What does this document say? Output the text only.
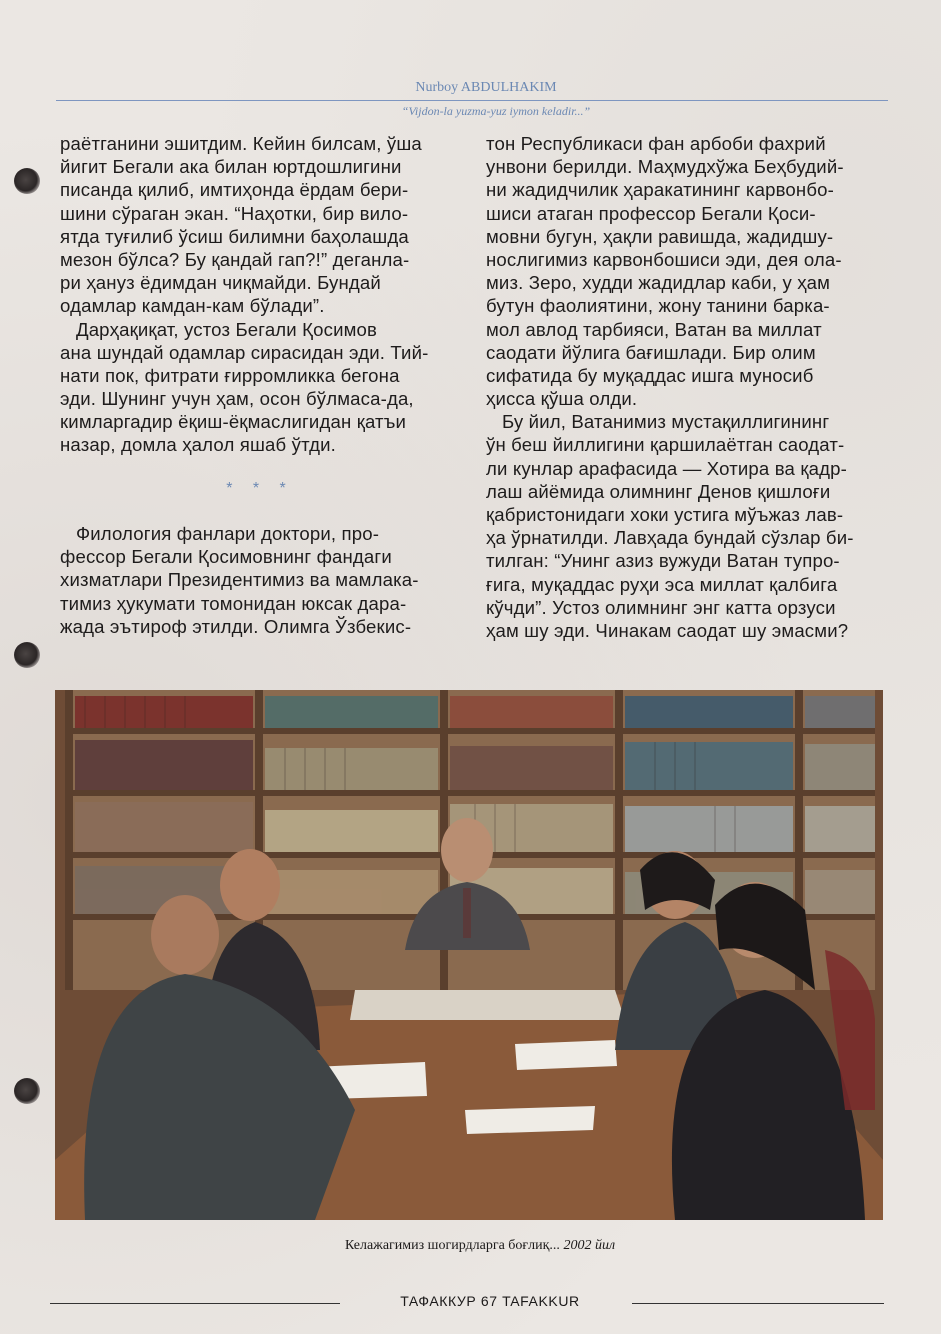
Nurboy ABDULHAKIM
“Vijdon-la yuzma-yuz iymon keladir...”
раётганини эшитдим. Кейин билсам, ўша
йигит Бегали ака билан юртдошлигини
писанда қилиб, имтиҳонда ёрдам бери-
шини сўраган экан. “Наҳотки, бир вило-
ятда туғилиб ўсиш билимни баҳолашда
мезон бўлса? Бу қандай гап?!” деганла-
ри ҳануз ёдимдан чиқмайди. Бундай
одамлар камдан-кам бўлади”.
Дарҳақиқат, устоз Бегали Қосимов
ана шундай одамлар сирасидан эди. Тий-
нати пок, фитрати ғирромликка бегона
эди. Шунинг учун ҳам, осон бўлмаса-да,
кимларгадир ёқиш-ёқмаслигидан қатъи
назар, домла ҳалол яшаб ўтди.
* * *
Филология фанлари доктори, про-
фессор Бегали Қосимовнинг фандаги
хизматлари Президентимиз ва мамлака-
тимиз ҳукумати томонидан юксак дара-
жада эътироф этилди. Олимга Ўзбекис-
тон Республикаси фан арбоби фахрий
унвони берилди. Маҳмудхўжа Беҳбудий-
ни жадидчилик ҳаракатининг карвонбо-
шиси атаган профессор Бегали Қоси-
мовни бугун, ҳақли равишда, жадидшу-
нослигимиз карвонбошиси эди, дея ола-
миз. Зеро, худди жадидлар каби, у ҳам
бутун фаолиятини, жону танини барка-
мол авлод тарбияси, Ватан ва миллат
саодати йўлига бағишлади. Бир олим
сифатида бу муқаддас ишга муносиб
ҳисса қўша олди.
Бу йил, Ватанимиз мустақиллигининг
ўн беш йиллигини қаршилаётган саодат-
ли кунлар арафасида — Хотира ва қадр-
лаш айёмида олимнинг Денов қишлоғи
қабристонидаги хоки устига мўъжаз лав-
ҳа ўрнатилди. Лавҳада бундай сўзлар би-
тилган: “Унинг азиз вужуди Ватан тупро-
ғига, муқаддас руҳи эса миллат қалбига
кўчди”. Устоз олимнинг энг катта орзуси
ҳам шу эди. Чинакам саодат шу эмасми?
Келажагимиз шогирдларга боғлиқ... 2002 йил
ТАФАККУР 67 TAFAKKUR
